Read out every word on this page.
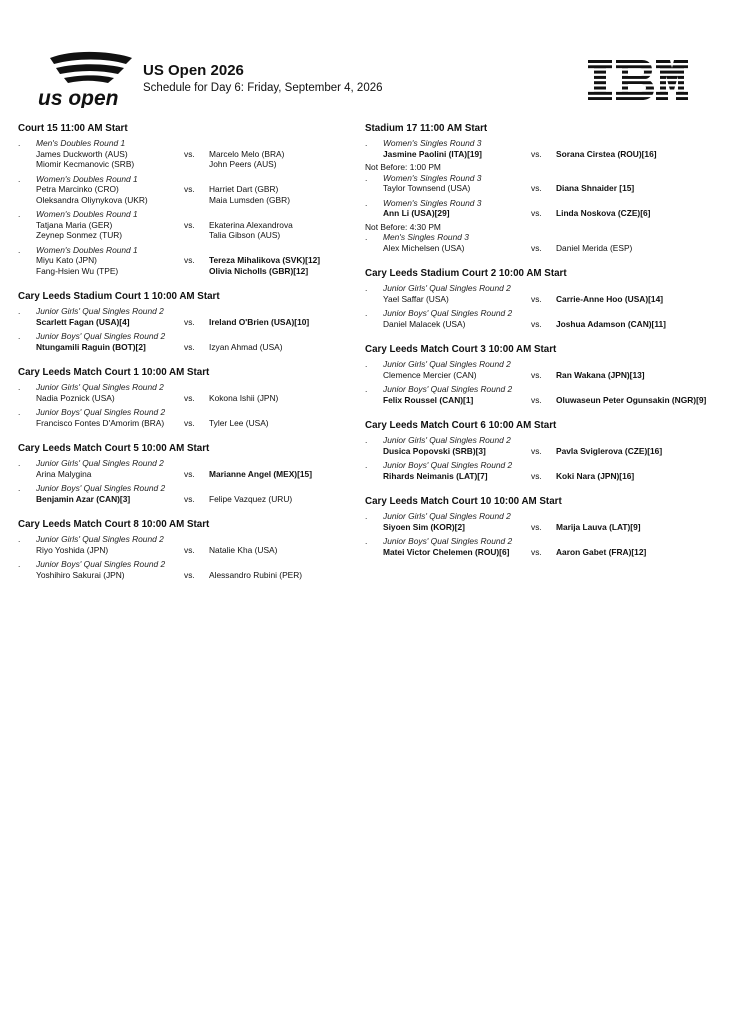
us open
US Open 2026
Schedule for Day 6: Friday, September 4, 2026
Court 15 11:00 AM Start
.	Men's Doubles Round 1
James Duckworth (AUS)	vs. Marcelo Melo (BRA)
Miomir Kecmanovic (SRB)	John Peers (AUS)
.	Women's Doubles Round 1
Petra Marcinko (CRO)	vs. Harriet Dart (GBR)
Oleksandra Oliynykova (UKR)	Maia Lumsden (GBR)
.	Women's Doubles Round 1
Tatjana Maria (GER)	vs. Ekaterina Alexandrova
Zeynep Sonmez (TUR)	Talia Gibson (AUS)
.	Women's Doubles Round 1
Miyu Kato (JPN)	vs. Tereza Mihalikova (SVK)[12]
Fang-Hsien Wu (TPE)	Olivia Nicholls (GBR)[12]
Cary Leeds Stadium Court 1 10:00 AM Start
.	Junior Girls' Qual Singles Round 2
Scarlett Fagan (USA)[4]	vs. Ireland O'Brien (USA)[10]
.	Junior Boys' Qual Singles Round 2
Ntungamili Raguin (BOT)[2]	vs. Izyan Ahmad (USA)
Cary Leeds Match Court 1 10:00 AM Start
.	Junior Girls' Qual Singles Round 2
Nadia Poznick (USA)	vs. Kokona Ishii (JPN)
.	Junior Boys' Qual Singles Round 2
Francisco Fontes D'Amorim (BRA) vs. Tyler Lee (USA)
Cary Leeds Match Court 5 10:00 AM Start
.	Junior Girls' Qual Singles Round 2
Arina Malygina	vs. Marianne Angel (MEX)[15]
.	Junior Boys' Qual Singles Round 2
Benjamin Azar (CAN)[3]	vs. Felipe Vazquez (URU)
Cary Leeds Match Court 8 10:00 AM Start
.	Junior Girls' Qual Singles Round 2
Riyo Yoshida (JPN)	vs. Natalie Kha (USA)
.	Junior Boys' Qual Singles Round 2
Yoshihiro Sakurai (JPN)	vs. Alessandro Rubini (PER)
Stadium 17 11:00 AM Start
.	Women's Singles Round 3
Jasmine Paolini (ITA)[19]	vs. Sorana Cirstea (ROU)[16]
Not Before: 1:00 PM
.	Women's Singles Round 3
Taylor Townsend (USA)	vs. Diana Shnaider [15]
.	Women's Singles Round 3
Ann Li (USA)[29]	vs. Linda Noskova (CZE)[6]
Not Before: 4:30 PM
.	Men's Singles Round 3
Alex Michelsen (USA)	vs. Daniel Merida (ESP)
Cary Leeds Stadium Court 2 10:00 AM Start
.	Junior Girls' Qual Singles Round 2
Yael Saffar (USA)	vs. Carrie-Anne Hoo (USA)[14]
.	Junior Boys' Qual Singles Round 2
Daniel Malacek (USA)	vs. Joshua Adamson (CAN)[11]
Cary Leeds Match Court 3 10:00 AM Start
.	Junior Girls' Qual Singles Round 2
Clemence Mercier (CAN)	vs. Ran Wakana (JPN)[13]
.	Junior Boys' Qual Singles Round 2
Felix Roussel (CAN)[1]	vs. Oluwaseun Peter Ogunsakin (NGR)[9]
Cary Leeds Match Court 6 10:00 AM Start
.	Junior Girls' Qual Singles Round 2
Dusica Popovski (SRB)[3]	vs. Pavla Sviglerova (CZE)[16]
.	Junior Boys' Qual Singles Round 2
Rihards Neimanis (LAT)[7]	vs. Koki Nara (JPN)[16]
Cary Leeds Match Court 10 10:00 AM Start
.	Junior Girls' Qual Singles Round 2
Siyoen Sim (KOR)[2]	vs. Marija Lauva (LAT)[9]
.	Junior Boys' Qual Singles Round 2
Matei Victor Chelemen (ROU)[6]	vs. Aaron Gabet (FRA)[12]
